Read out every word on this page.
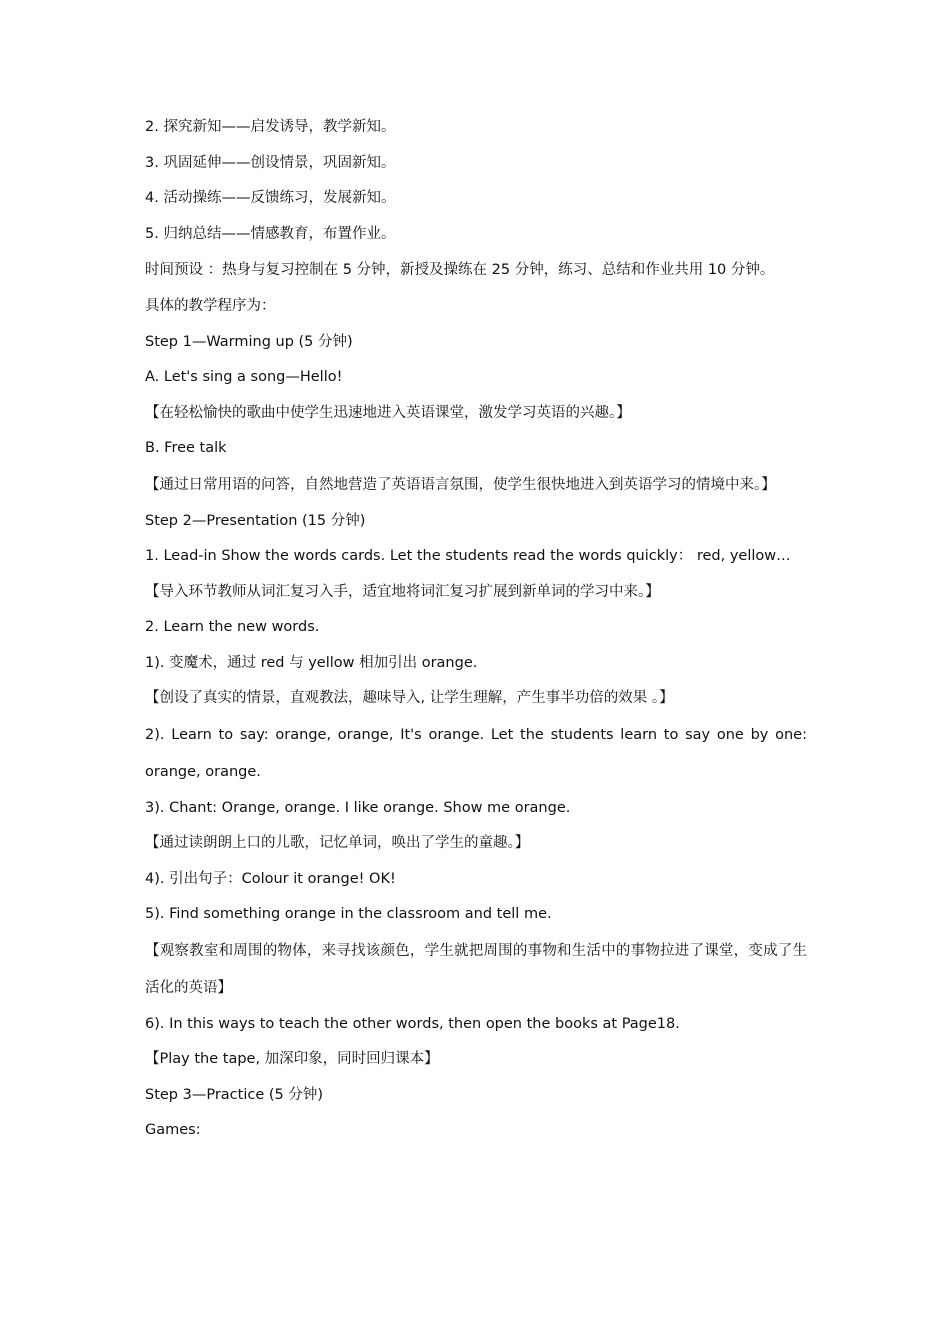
2. 探究新知——启发诱导，教学新知。
3. 巩固延伸——创设情景，巩固新知。
4. 活动操练——反馈练习，发展新知。
5. 归纳总结——情感教育，布置作业。
时间预设 ：热身与复习控制在 5 分钟，新授及操练在 25 分钟，练习、总结和作业共用 10 分钟。
具体的教学程序为：
Step 1—Warming up (5 分钟)
A. Let's sing a song—Hello!
【在轻松愉快的歌曲中使学生迅速地进入英语课堂，激发学习英语的兴趣。】
B. Free talk
【通过日常用语的问答，自然地营造了英语语言氛围，使学生很快地进入到英语学习的情境中来。】
Step 2—Presentation (15 分钟)
1. Lead-in Show the words cards. Let the students read the words quickly： red, yellow…
【导入环节教师从词汇复习入手，适宜地将词汇复习扩展到新单词的学习中来。】
2. Learn the new words.
1). 变魔术，通过 red 与 yellow 相加引出 orange.
【创设了真实的情景，直观教法，趣味导入, 让学生理解，产生事半功倍的效果 。】
2). Learn to say: orange, orange, It's orange. Let the students learn to say one by one: orange, orange.
3). Chant: Orange, orange. I like orange. Show me orange.
【通过读朗朗上口的儿歌，记忆单词，唤出了学生的童趣。】
4). 引出句子：Colour it orange! OK!
5). Find something orange in the classroom and tell me.
【观察教室和周围的物体，来寻找该颜色，学生就把周围的事物和生活中的事物拉进了课堂，变成了生活化的英语】
6). In this ways to teach the other words, then open the books at Page18.
【Play the tape, 加深印象，同时回归课本】
Step 3—Practice (5 分钟)
Games:
